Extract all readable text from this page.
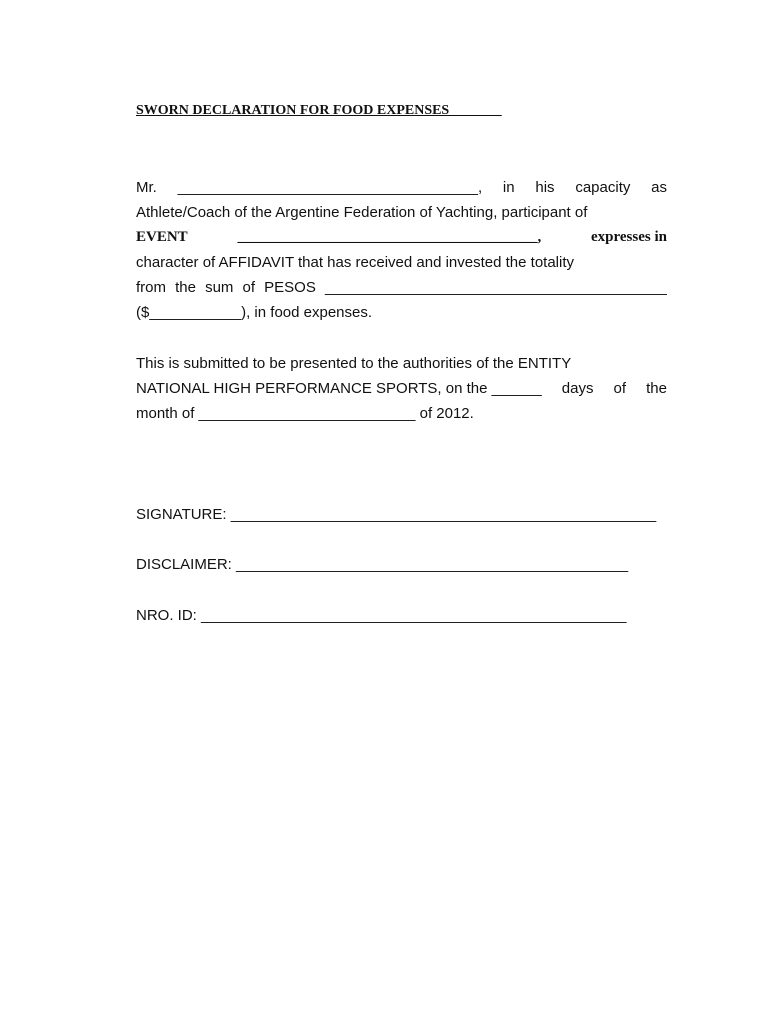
SWORN DECLARATION FOR FOOD EXPENSES
Mr. ____________________________________, in his capacity as
Athlete/Coach of the Argentine Federation of Yachting, participant of
EVENT	________________________________________,	expresses in
character of AFFIDAVIT that has received and invested the totality
from the sum of PESOS _________________________________________
($___________), in food expenses.
This is submitted to be presented to the authorities of the ENTITY
NATIONAL HIGH PERFORMANCE SPORTS, on the ______ days of the
month of __________________________ of 2012.
SIGNATURE: ___________________________________________________
DISCLAIMER: _______________________________________________
NRO. ID: ___________________________________________________
